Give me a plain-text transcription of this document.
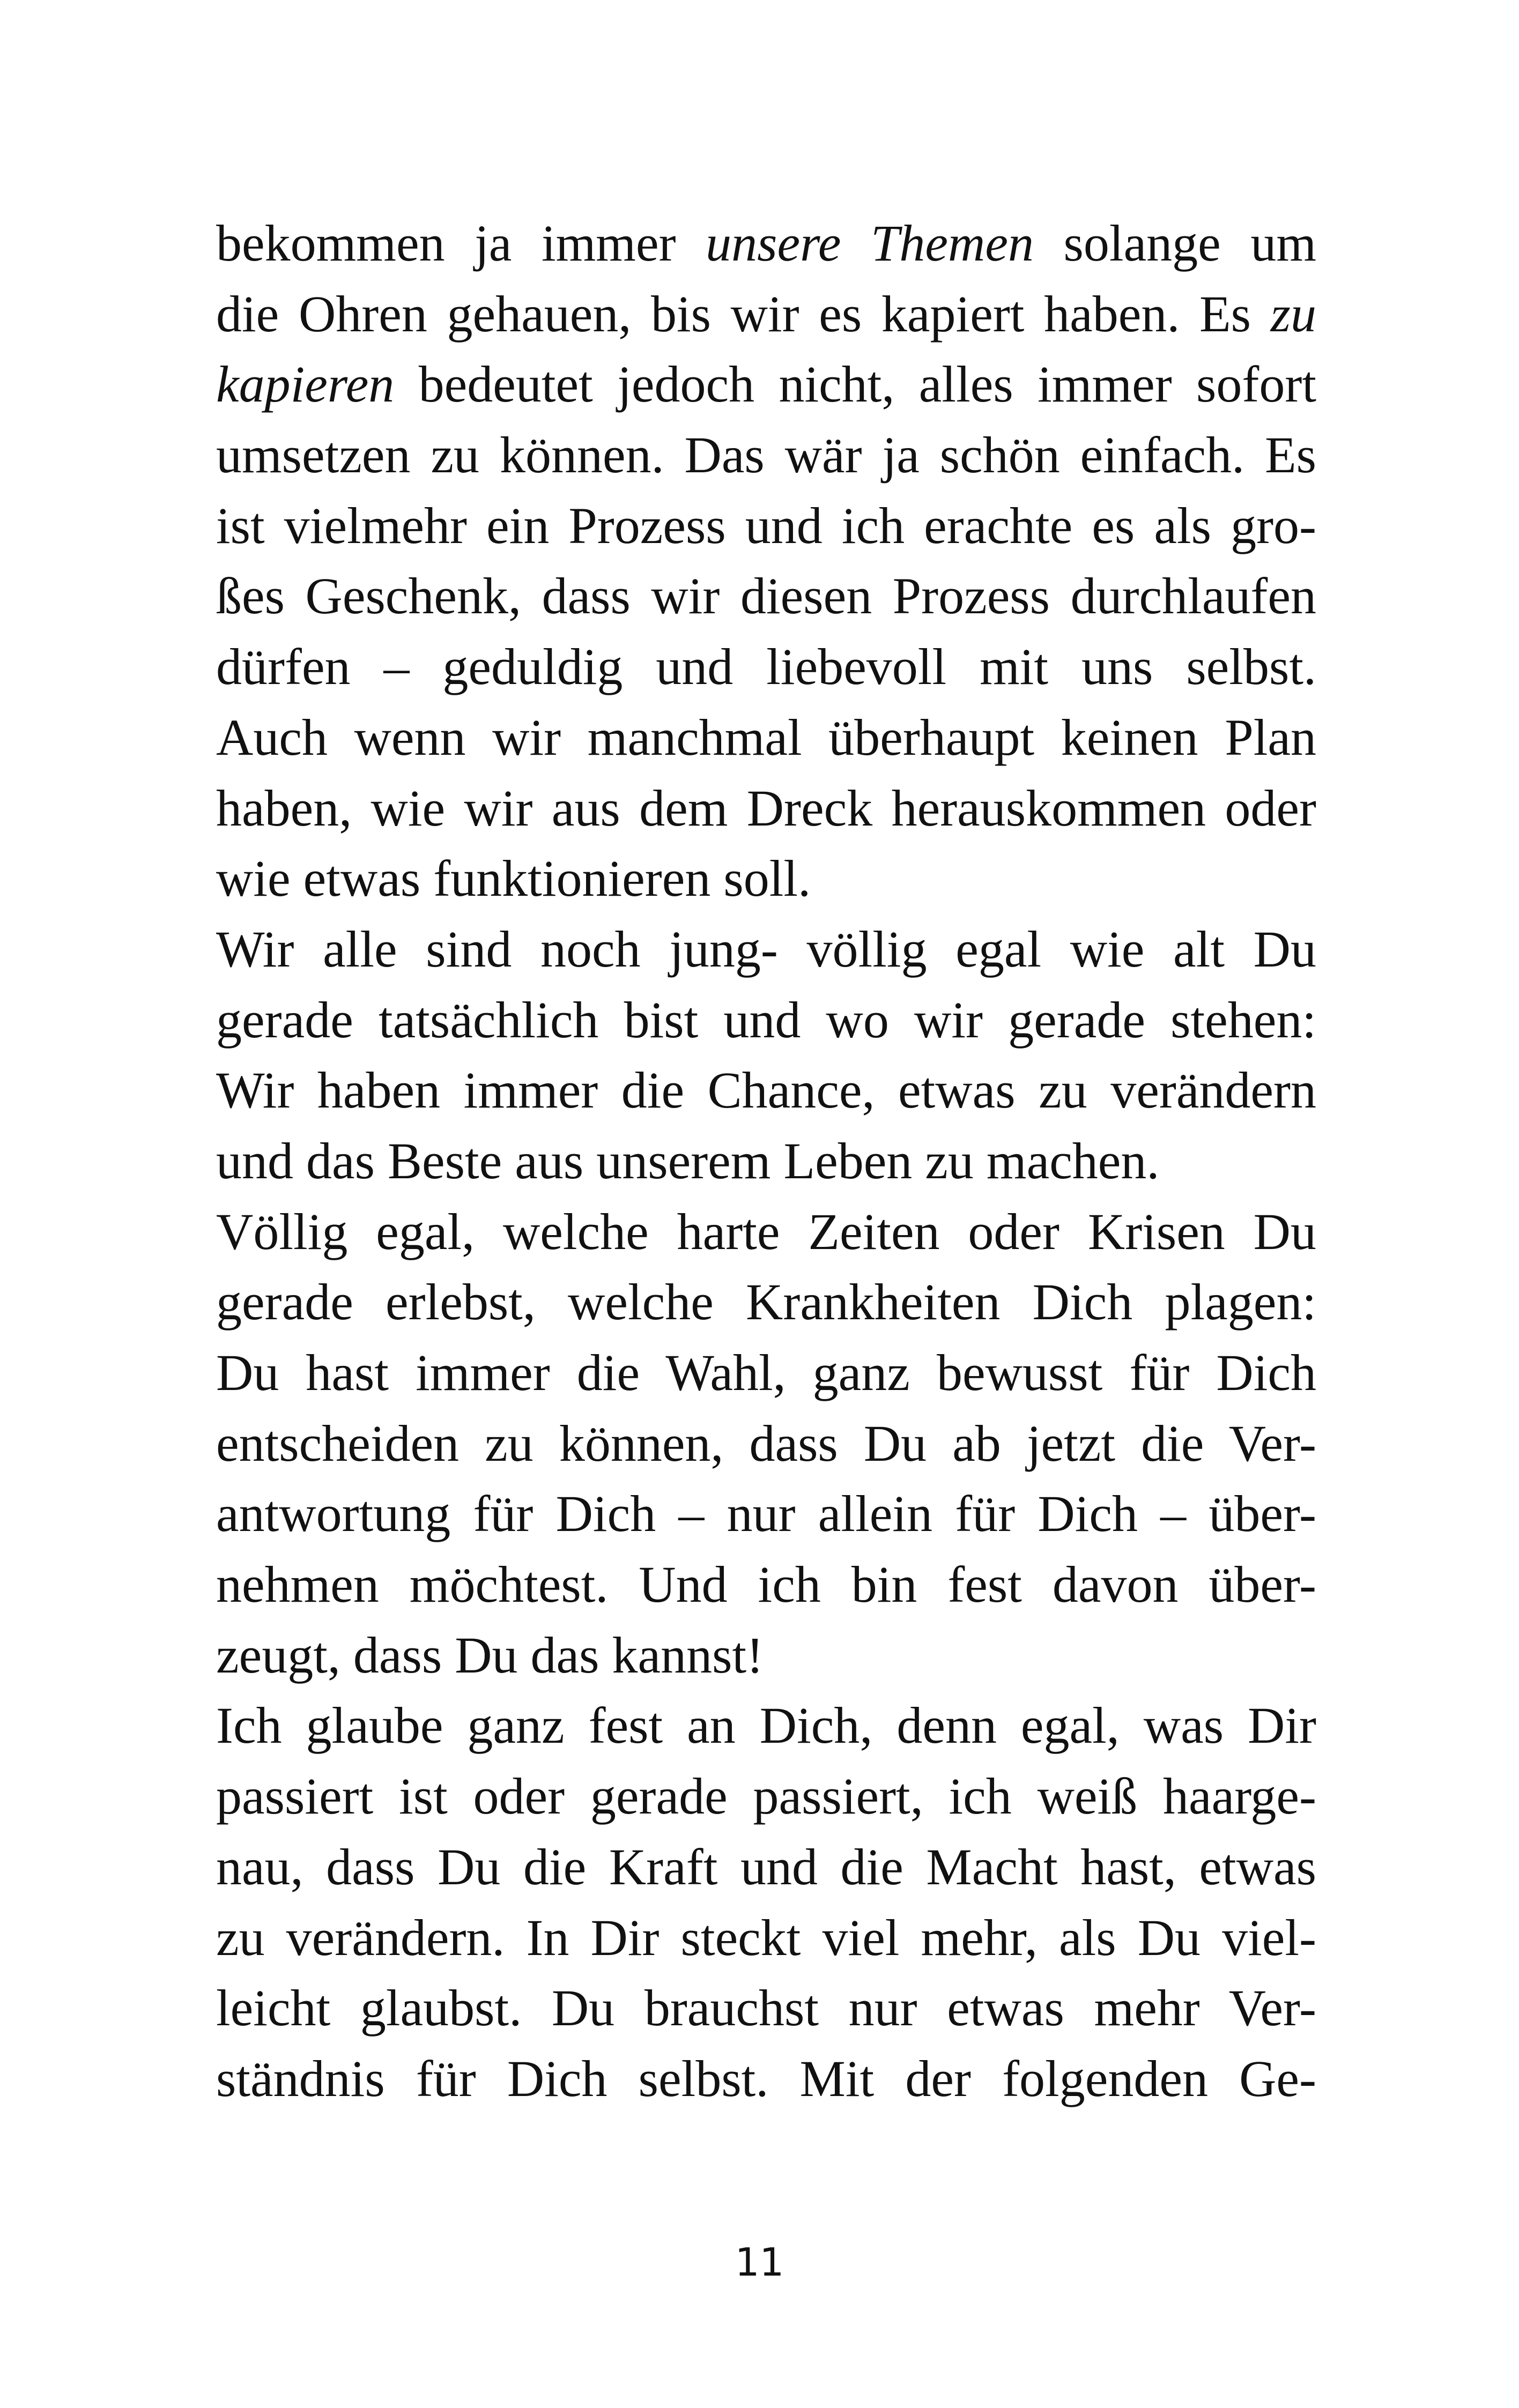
bekommen ja immer unsere Themen solange um
die Ohren gehauen, bis wir es kapiert haben. Es zu
kapieren bedeutet jedoch nicht, alles immer sofort
umsetzen zu können. Das wär ja schön einfach. Es
ist vielmehr ein Prozess und ich erachte es als gro-
ßes Geschenk, dass wir diesen Prozess durchlaufen
dürfen – geduldig und liebevoll mit uns selbst.
Auch wenn wir manchmal überhaupt keinen Plan
haben, wie wir aus dem Dreck herauskommen oder
wie etwas funktionieren soll.
Wir alle sind noch jung- völlig egal wie alt Du
gerade tatsächlich bist und wo wir gerade stehen:
Wir haben immer die Chance, etwas zu verändern
und das Beste aus unserem Leben zu machen.
Völlig egal, welche harte Zeiten oder Krisen Du
gerade erlebst, welche Krankheiten Dich plagen:
Du hast immer die Wahl, ganz bewusst für Dich
entscheiden zu können, dass Du ab jetzt die Ver-
antwortung für Dich – nur allein für Dich – über-
nehmen möchtest. Und ich bin fest davon über-
zeugt, dass Du das kannst!
Ich glaube ganz fest an Dich, denn egal, was Dir
passiert ist oder gerade passiert, ich weiß haarge-
nau, dass Du die Kraft und die Macht hast, etwas
zu verändern. In Dir steckt viel mehr, als Du viel-
leicht glaubst. Du brauchst nur etwas mehr Ver-
ständnis für Dich selbst. Mit der folgenden Ge-
11
